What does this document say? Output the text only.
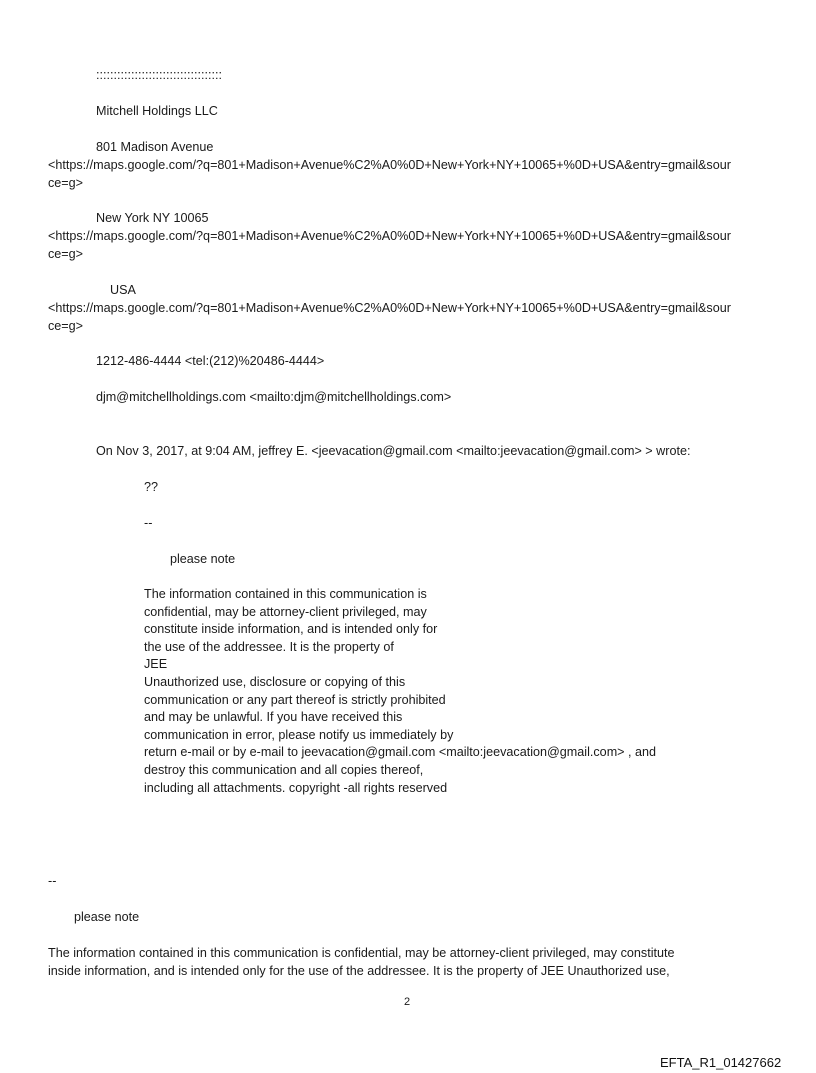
::::::::::::::::::::::::::::::::::::
Mitchell Holdings LLC
801 Madison Avenue
<https://maps.google.com/?q=801+Madison+Avenue%C2%A0%0D+New+York+NY+10065+%0D+USA&entry=gmail&sour
ce=g>
New York NY 10065
<https://maps.google.com/?q=801+Madison+Avenue%C2%A0%0D+New+York+NY+10065+%0D+USA&entry=gmail&sour
ce=g>
USA
<https://maps.google.com/?q=801+Madison+Avenue%C2%A0%0D+New+York+NY+10065+%0D+USA&entry=gmail&sour
ce=g>
1212-486-4444 <tel:(212)%20486-4444>
djm@mitchellholdings.com <mailto:djm@mitchellholdings.com>
On Nov 3, 2017, at 9:04 AM, jeffrey E. <jeevacation@gmail.com <mailto:jeevacation@gmail.com> > wrote:
??
--
please note
The information contained in this communication is
confidential, may be attorney-client privileged, may
constitute inside information, and is intended only for
the use of the addressee. It is the property of
JEE
Unauthorized use, disclosure or copying of this
communication or any part thereof is strictly prohibited
and may be unlawful. If you have received this
communication in error, please notify us immediately by
return e-mail or by e-mail to jeevacation@gmail.com <mailto:jeevacation@gmail.com> , and
destroy this communication and all copies thereof,
including all attachments. copyright -all rights reserved
--
please note
The information contained in this communication is confidential, may be attorney-client privileged, may constitute
inside information, and is intended only for the use of the addressee. It is the property of JEE Unauthorized use,
2
EFTA_R1_01427662
